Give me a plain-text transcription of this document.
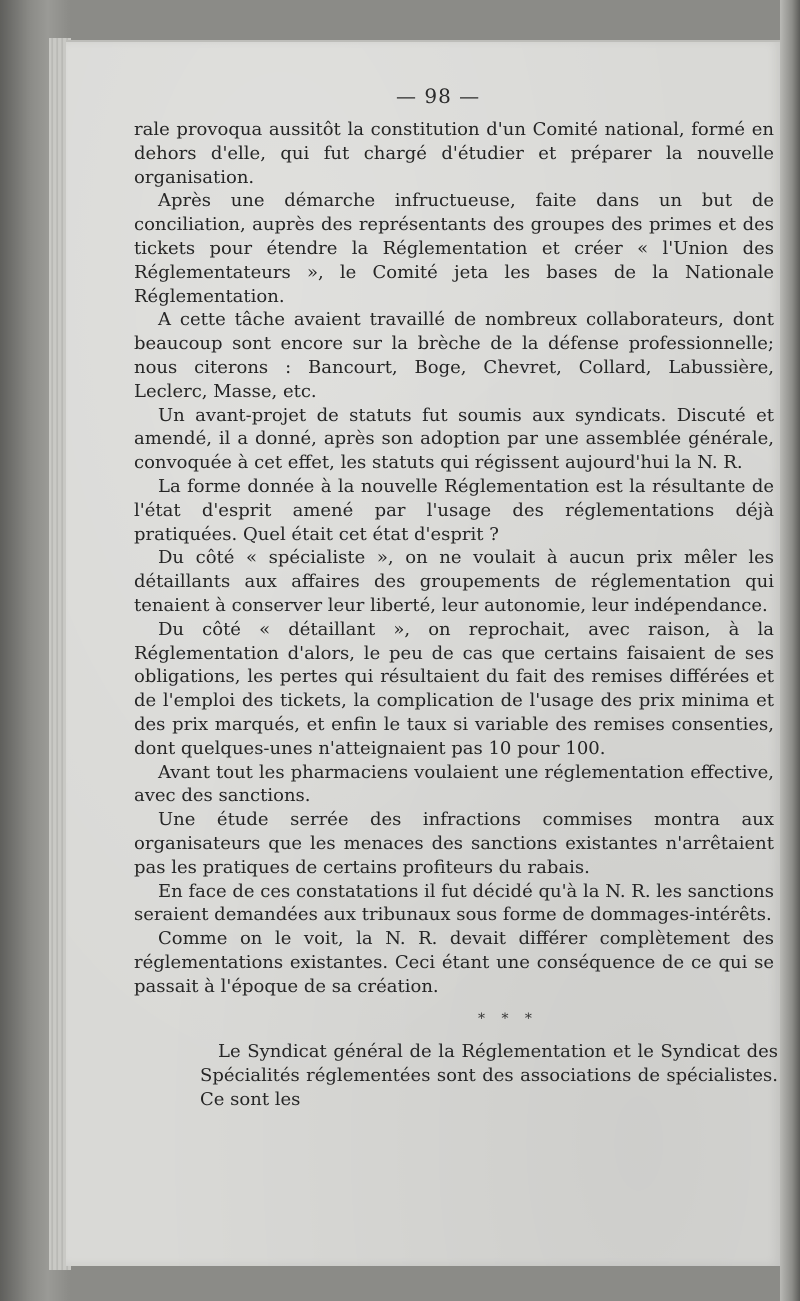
— 98 —

rale provoqua aussitôt la constitution d'un Comité national, formé en dehors d'elle, qui fut chargé d'étudier et préparer la nouvelle organisation.

Après une démarche infructueuse, faite dans un but de conciliation, auprès des représentants des groupes des primes et des tickets pour étendre la Réglementation et créer « l'Union des Réglementateurs », le Comité jeta les bases de la Nationale Réglementation.

A cette tâche avaient travaillé de nombreux collaborateurs, dont beaucoup sont encore sur la brèche de la défense professionnelle; nous citerons : Bancourt, Boge, Chevret, Collard, Labussière, Leclerc, Masse, etc.

Un avant-projet de statuts fut soumis aux syndicats. Discuté et amendé, il a donné, après son adoption par une assemblée générale, convoquée à cet effet, les statuts qui régissent aujourd'hui la N. R.

La forme donnée à la nouvelle Réglementation est la résultante de l'état d'esprit amené par l'usage des réglementations déjà pratiquées. Quel était cet état d'esprit ?

Du côté « spécialiste », on ne voulait à aucun prix mêler les détaillants aux affaires des groupements de réglementation qui tenaient à conserver leur liberté, leur autonomie, leur indépendance.

Du côté « détaillant », on reprochait, avec raison, à la Réglementation d'alors, le peu de cas que certains faisaient de ses obligations, les pertes qui résultaient du fait des remises différées et de l'emploi des tickets, la complication de l'usage des prix minima et des prix marqués, et enfin le taux si variable des remises consenties, dont quelques-unes n'atteignaient pas 10 pour 100.

Avant tout les pharmaciens voulaient une réglementation effective, avec des sanctions.

Une étude serrée des infractions commises montra aux organisateurs que les menaces des sanctions existantes n'arrêtaient pas les pratiques de certains profiteurs du rabais.

En face de ces constatations il fut décidé qu'à la N. R. les sanctions seraient demandées aux tribunaux sous forme de dommages-intérêts.

Comme on le voit, la N. R. devait différer complètement des réglementations existantes. Ceci étant une conséquence de ce qui se passait à l'époque de sa création.

* * *

Le Syndicat général de la Réglementation et le Syndicat des Spécialités réglementées sont des associations de spécialistes. Ce sont les
